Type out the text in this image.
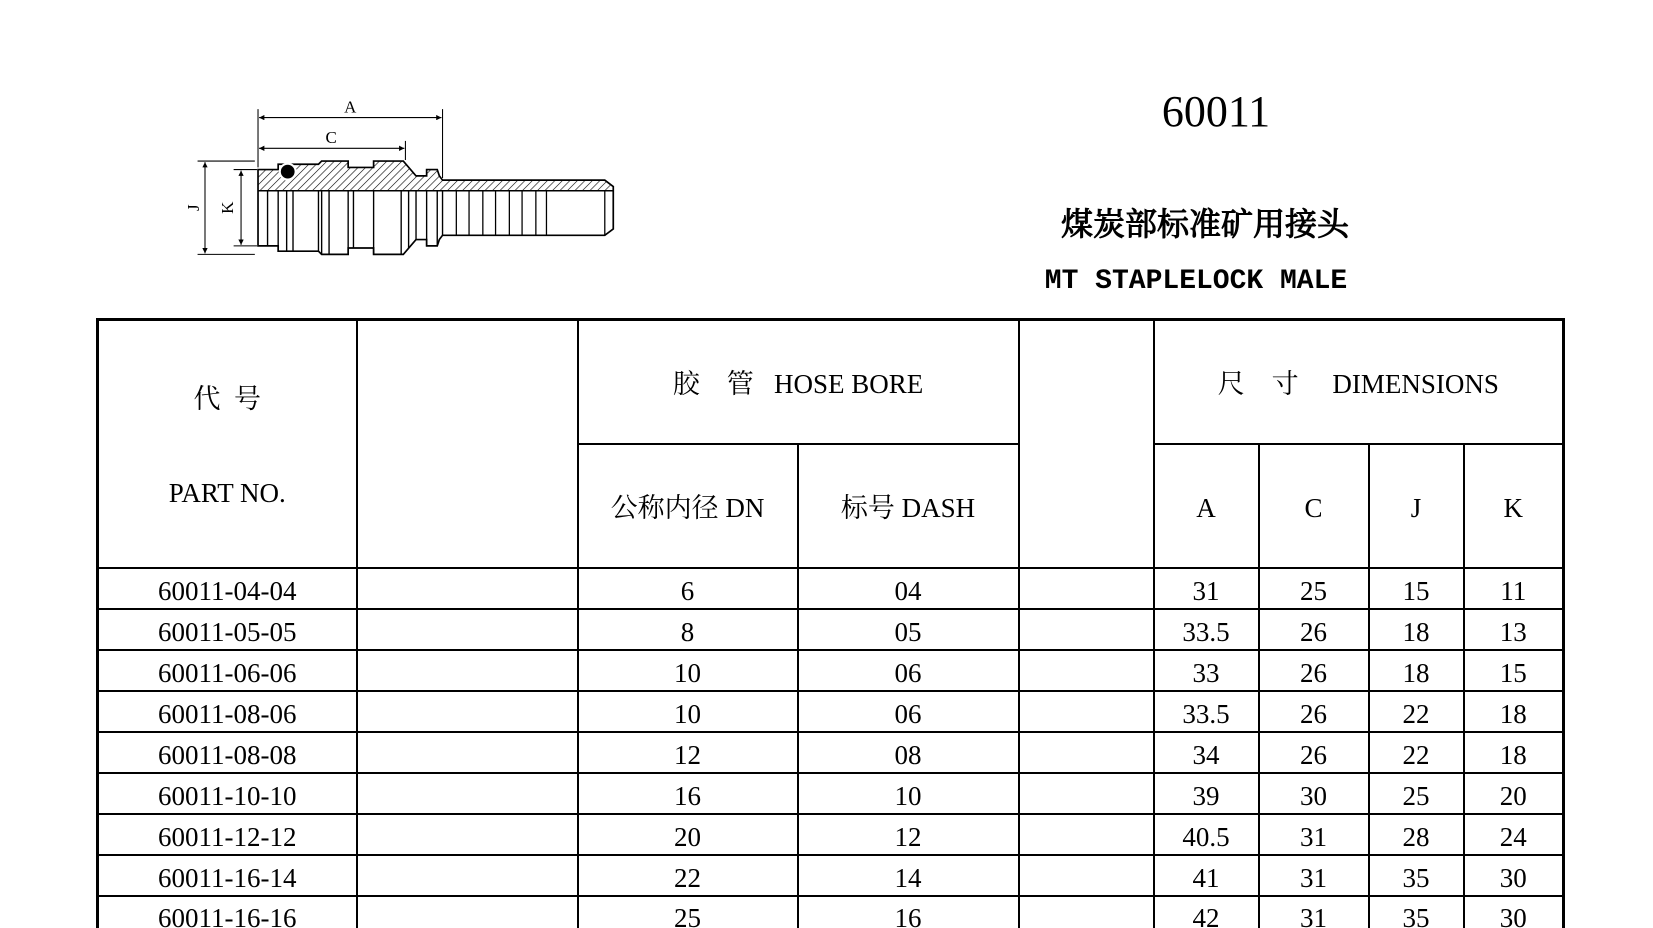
A
C
J K
60011
煤炭部标准矿用接头
MT STAPLELOCK MALE

代  号

PART NO.		胶    管   HOSE BORE			尺    寸     DIMENSIONS			
		公称内径 DN	标号 DASH		A	C	J	K
60011-04-04		6	04		31	25	15	11
60011-05-05		8	05		33.5	26	18	13
60011-06-06		10	06		33	26	18	15
60011-08-06		10	06		33.5	26	22	18
60011-08-08		12	08		34	26	22	18
60011-10-10		16	10		39	30	25	20
60011-12-12		20	12		40.5	31	28	24
60011-16-14		22	14		41	31	35	30
60011-16-16		25	16		42	31	35	30
